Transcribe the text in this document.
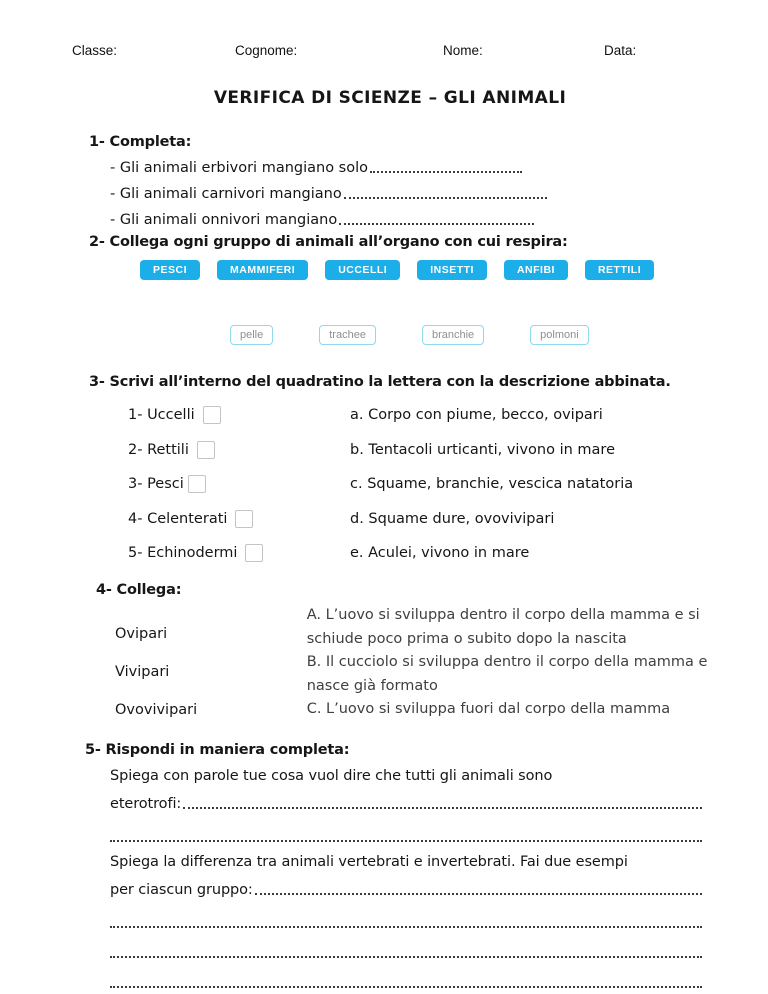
Classe:	Cognome:	Nome:	Data:
VERIFICA DI SCIENZE – GLI ANIMALI
1- Completa:
- Gli animali erbivori mangiano solo
- Gli animali carnivori mangiano
- Gli animali onnivori mangiano
2- Collega ogni gruppo di animali all’organo con cui respira:
PESCI	MAMMIFERI	UCCELLI	INSETTI	ANFIBI	RETTILI
pelle	trachee	branchie	polmoni
3- Scrivi all’interno del quadratino la lettera con la descrizione abbinata.
1- Uccelli	a. Corpo con piume, becco, ovipari
2- Rettili	b. Tentacoli urticanti, vivono in mare
3- Pesci	c. Squame, branchie, vescica natatoria
4- Celenterati	d. Squame dure, ovovivipari
5- Echinodermi	e. Aculei, vivono in mare
4- Collega:
Ovipari
Vivipari
Ovovivipari
A. L’uovo si sviluppa dentro il corpo della mamma e si schiude poco prima o subito dopo la nascita
B. Il cucciolo si sviluppa dentro il corpo della mamma e nasce già formato
C. L’uovo si sviluppa fuori dal corpo della mamma
5- Rispondi in maniera completa:
Spiega con parole tue cosa vuol dire che tutti gli animali sono
eterotrofi:
Spiega la differenza tra animali vertebrati e invertebrati. Fai due esempi
per ciascun gruppo:
